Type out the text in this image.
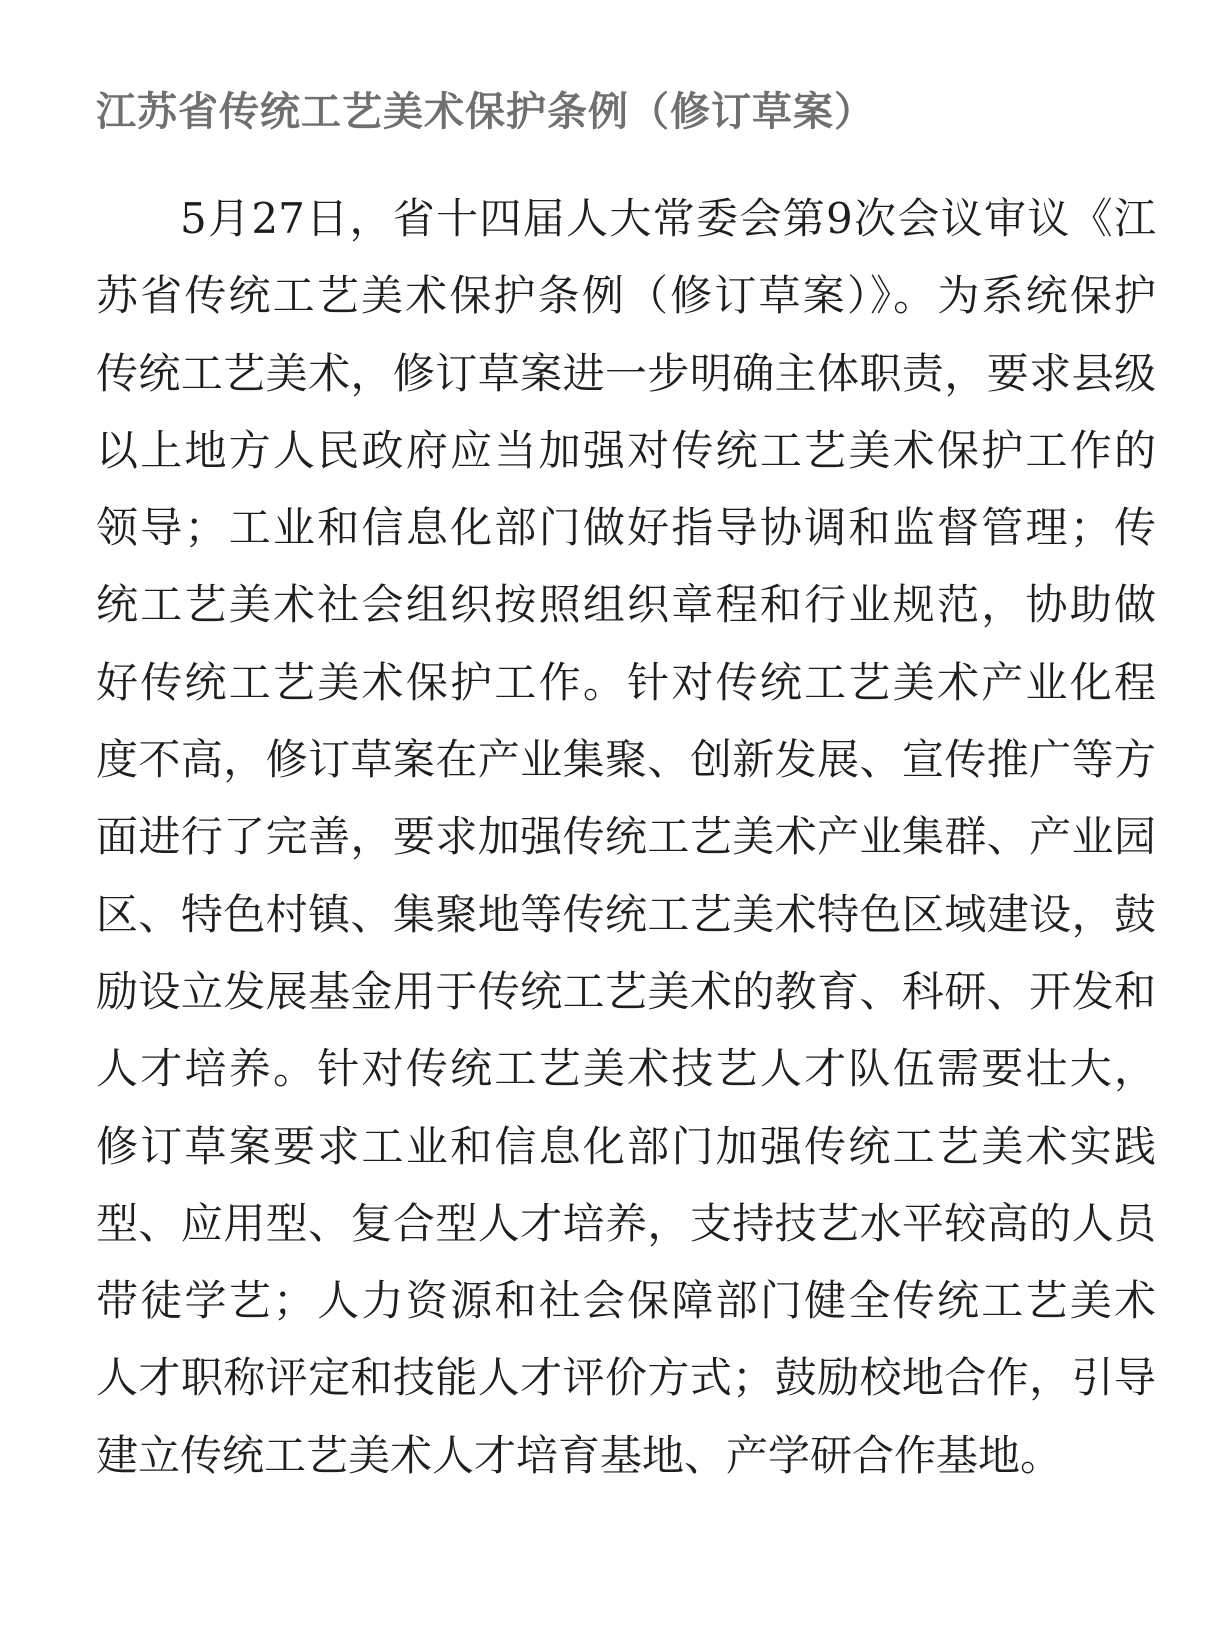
江苏省传统工艺美术保护条例（修订草案）
5月27日，省十四届人大常委会第9次会议审议《江
苏省传统工艺美术保护条例（修订草案）》。为系统保护
传统工艺美术，修订草案进一步明确主体职责，要求县级
以上地方人民政府应当加强对传统工艺美术保护工作的
领导；工业和信息化部门做好指导协调和监督管理；传
统工艺美术社会组织按照组织章程和行业规范，协助做
好传统工艺美术保护工作。针对传统工艺美术产业化程
度不高，修订草案在产业集聚、创新发展、宣传推广等方
面进行了完善，要求加强传统工艺美术产业集群、产业园
区、特色村镇、集聚地等传统工艺美术特色区域建设，鼓
励设立发展基金用于传统工艺美术的教育、科研、开发和
人才培养。针对传统工艺美术技艺人才队伍需要壮大，
修订草案要求工业和信息化部门加强传统工艺美术实践
型、应用型、复合型人才培养，支持技艺水平较高的人员
带徒学艺；人力资源和社会保障部门健全传统工艺美术
人才职称评定和技能人才评价方式；鼓励校地合作，引导
建立传统工艺美术人才培育基地、产学研合作基地。
